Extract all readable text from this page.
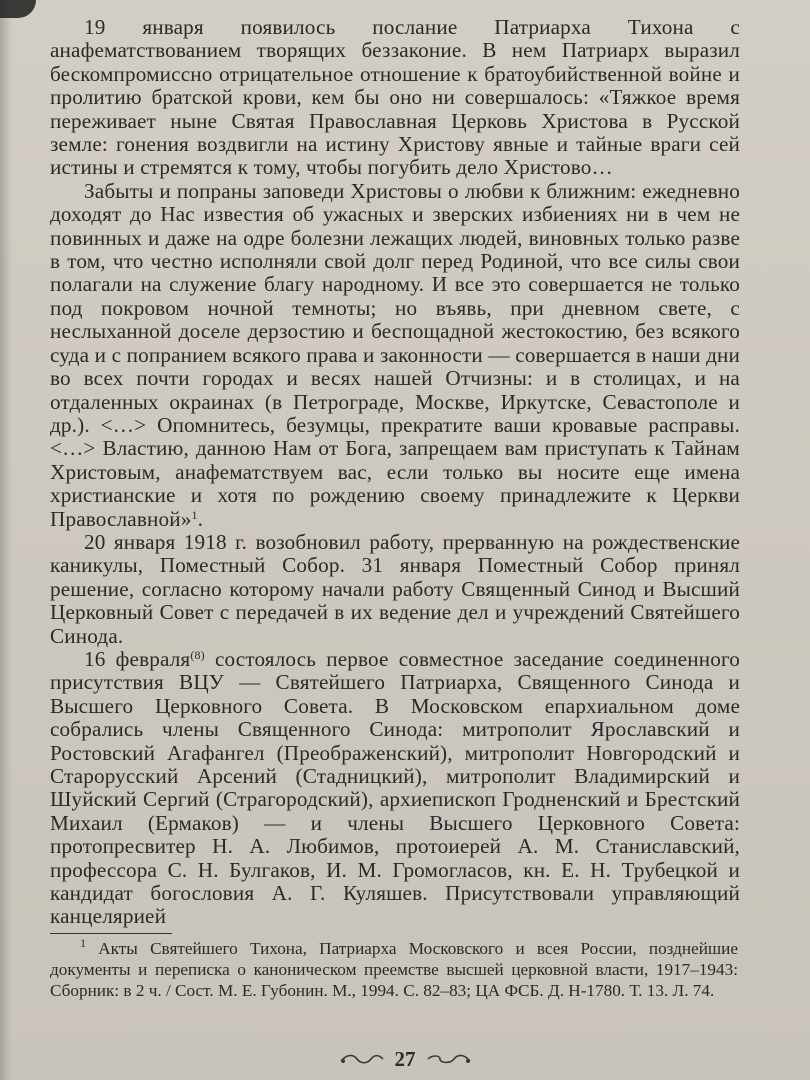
19 января появилось послание Патриарха Тихона с анафематствованием творящих беззаконие. В нем Патриарх выразил бескомпромиссно отрицательное отношение к братоубийственной войне и пролитию братской крови, кем бы оно ни совершалось: «Тяжкое время переживает ныне Святая Православная Церковь Христова в Русской земле: гонения воздвигли на истину Христову явные и тайные враги сей истины и стремятся к тому, чтобы погубить дело Христово…

Забыты и попраны заповеди Христовы о любви к ближним: ежедневно доходят до Нас известия об ужасных и зверских избиениях ни в чем не повинных и даже на одре болезни лежащих людей, виновных только разве в том, что честно исполняли свой долг перед Родиной, что все силы свои полагали на служение благу народному. И все это совершается не только под покровом ночной темноты; но въявь, при дневном свете, с неслыханной доселе дерзостию и беспощадной жестокостию, без всякого суда и с попранием всякого права и законности — совершается в наши дни во всех почти городах и весях нашей Отчизны: и в столицах, и на отдаленных окраинах (в Петрограде, Москве, Иркутске, Севастополе и др.). <…> Опомнитесь, безумцы, прекратите ваши кровавые расправы. <…> Властию, данною Нам от Бога, запрещаем вам приступать к Тайнам Христовым, анафематствуем вас, если только вы носите еще имена христианские и хотя по рождению своему принадлежите к Церкви Православной»$^1$.

20 января 1918 г. возобновил работу, прерванную на рождественские каникулы, Поместный Собор. 31 января Поместный Собор принял решение, согласно которому начали работу Священный Синод и Высший Церковный Совет с передачей в их ведение дел и учреждений Святейшего Синода.

16 февраля$^{(8)}$ состоялось первое совместное заседание соединенного присутствия ВЦУ — Святейшего Патриарха, Священного Синода и Высшего Церковного Совета. В Московском епархиальном доме собрались члены Священного Синода: митрополит Ярославский и Ростовский Агафангел (Преображенский), митрополит Новгородский и Старорусский Арсений (Стадницкий), митрополит Владимирский и Шуйский Сергий (Страгородский), архиепископ Гродненский и Брестский Михаил (Ермаков) — и члены Высшего Церковного Совета: протопресвитер Н. А. Любимов, протоиерей А. М. Станиславский, профессора С. Н. Булгаков, И. М. Громогласов, кн. Е. Н. Трубецкой и кандидат богословия А. Г. Куляшев. Присутствовали управляющий канцелярией

$^1$ Акты Святейшего Тихона, Патриарха Московского и всея России, позднейшие документы и переписка о каноническом преемстве высшей церковной власти, 1917–1943: Сборник: в 2 ч. / Сост. М. Е. Губонин. М., 1994. С. 82–83; ЦА ФСБ. Д. Н-1780. Т. 13. Л. 74.

27
